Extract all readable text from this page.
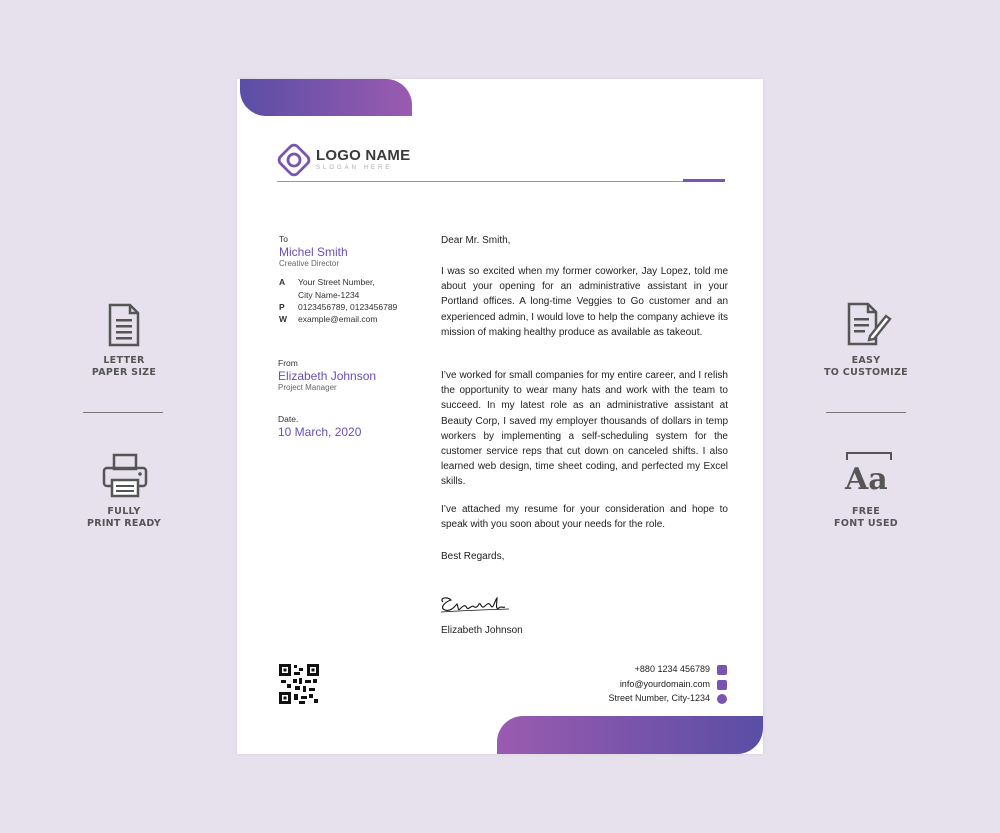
LETTER
PAPER SIZE
FULLY
PRINT READY
EASY
TO CUSTOMIZE
Aa
FREE
FONT USED
LOGO NAME
SLOGAN HERE
To
Michel Smith
Creative Director
A Your Street Number,
City Name-1234
P 0123456789, 0123456789
W example@email.com
From
Elizabeth Johnson
Project Manager
Date.
10 March, 2020
Dear Mr. Smith,
I was so excited when my former coworker, Jay Lopez, told me about your opening for an administrative assistant in your Portland offices. A long-time Veggies to Go customer and an experienced admin, I would love to help the company achieve its mission of making healthy produce as available as takeout.
I’ve worked for small companies for my entire career, and I relish the opportunity to wear many hats and work with the team to succeed. In my latest role as an administrative assistant at Beauty Corp, I saved my employer thousands of dollars in temp workers by implementing a self-scheduling system for the customer service reps that cut down on canceled shifts. I also learned web design, time sheet coding, and perfected my Excel skills.
I’ve attached my resume for your consideration and hope to speak with you soon about your needs for the role.
Best Regards,
Elizabeth Johnson
+880 1234 456789
info@yourdomain.com
Street Number, City-1234
